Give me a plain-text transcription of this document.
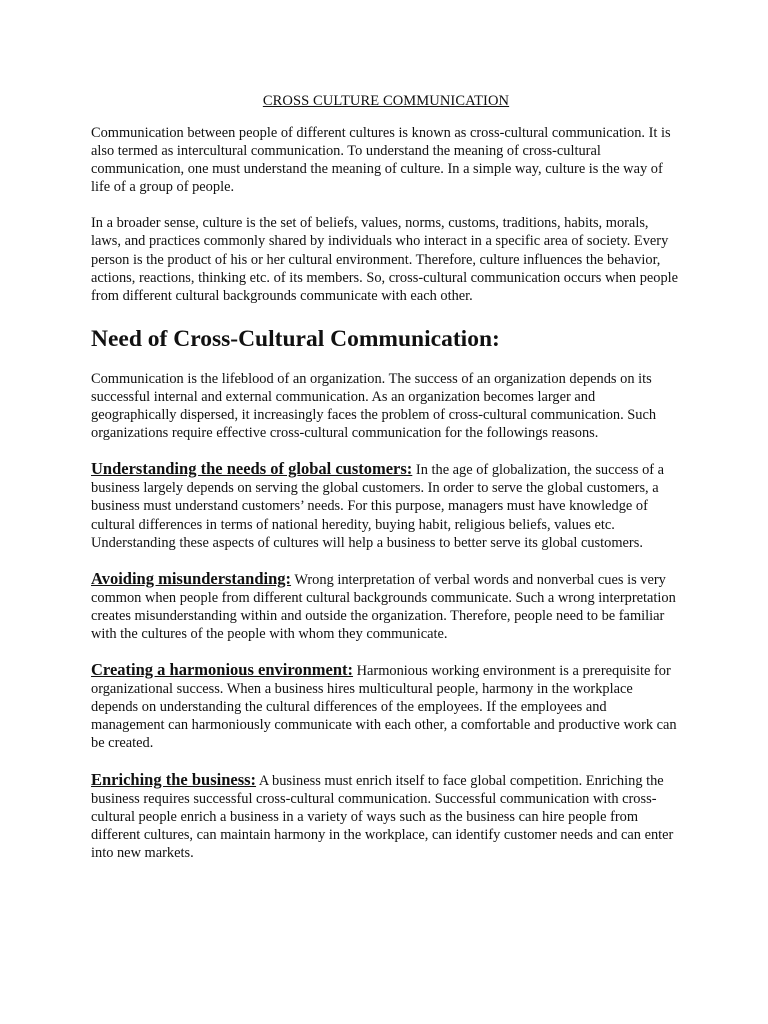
CROSS CULTURE COMMUNICATION

Communication between people of different cultures is known as cross-cultural communication. It is also termed as intercultural communication. To understand the meaning of cross-cultural communication, one must understand the meaning of culture. In a simple way, culture is the way of life of a group of people.

In a broader sense, culture is the set of beliefs, values, norms, customs, traditions, habits, morals, laws, and practices commonly shared by individuals who interact in a specific area of society. Every person is the product of his or her cultural environment. Therefore, culture influences the behavior, actions, reactions, thinking etc. of its members. So, cross-cultural communication occurs when people from different cultural backgrounds communicate with each other.

Need of Cross-Cultural Communication:

Communication is the lifeblood of an organization. The success of an organization depends on its successful internal and external communication. As an organization becomes larger and geographically dispersed, it increasingly faces the problem of cross-cultural communication. Such organizations require effective cross-cultural communication for the followings reasons.

Understanding the needs of global customers: In the age of globalization, the success of a business largely depends on serving the global customers. In order to serve the global customers, a business must understand customers’ needs. For this purpose, managers must have knowledge of cultural differences in terms of national heredity, buying habit, religious beliefs, values etc. Understanding these aspects of cultures will help a business to better serve its global customers.

Avoiding misunderstanding: Wrong interpretation of verbal words and nonverbal cues is very common when people from different cultural backgrounds communicate. Such a wrong interpretation creates misunderstanding within and outside the organization. Therefore, people need to be familiar with the cultures of the people with whom they communicate.

Creating a harmonious environment: Harmonious working environment is a prerequisite for organizational success. When a business hires multicultural people, harmony in the workplace depends on understanding the cultural differences of the employees. If the employees and management can harmoniously communicate with each other, a comfortable and productive work can be created.

Enriching the business: A business must enrich itself to face global competition. Enriching the business requires successful cross-cultural communication. Successful communication with cross-cultural people enrich a business in a variety of ways such as the business can hire people from different cultures, can maintain harmony in the workplace, can identify customer needs and can enter into new markets.
